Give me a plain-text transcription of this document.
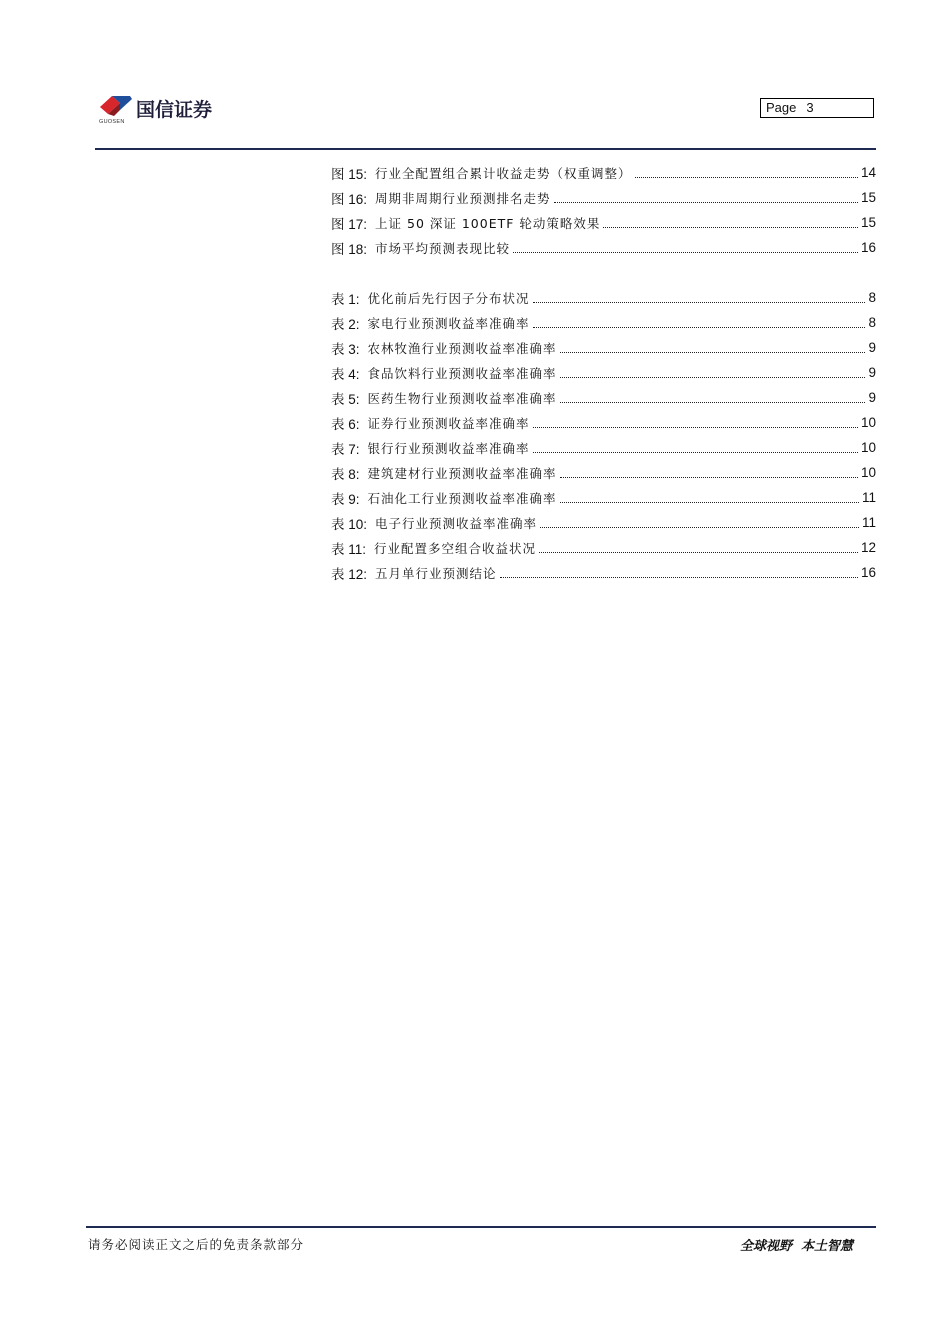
国信证券
GUOSEN
Page 3
图 15: 行业全配置组合累计收益走势（权重调整）	14
图 16: 周期非周期行业预测排名走势	15
图 17: 上证 50 深证 100ETF 轮动策略效果	15
图 18: 市场平均预测表现比较	16
表 1: 优化前后先行因子分布状况	8
表 2: 家电行业预测收益率准确率	8
表 3: 农林牧渔行业预测收益率准确率	9
表 4: 食品饮料行业预测收益率准确率	9
表 5: 医药生物行业预测收益率准确率	9
表 6: 证券行业预测收益率准确率	10
表 7: 银行行业预测收益率准确率	10
表 8: 建筑建材行业预测收益率准确率	10
表 9: 石油化工行业预测收益率准确率	11
表 10: 电子行业预测收益率准确率	11
表 11: 行业配置多空组合收益状况	12
表 12: 五月单行业预测结论	16
请务必阅读正文之后的免责条款部分	全球视野  本土智慧
